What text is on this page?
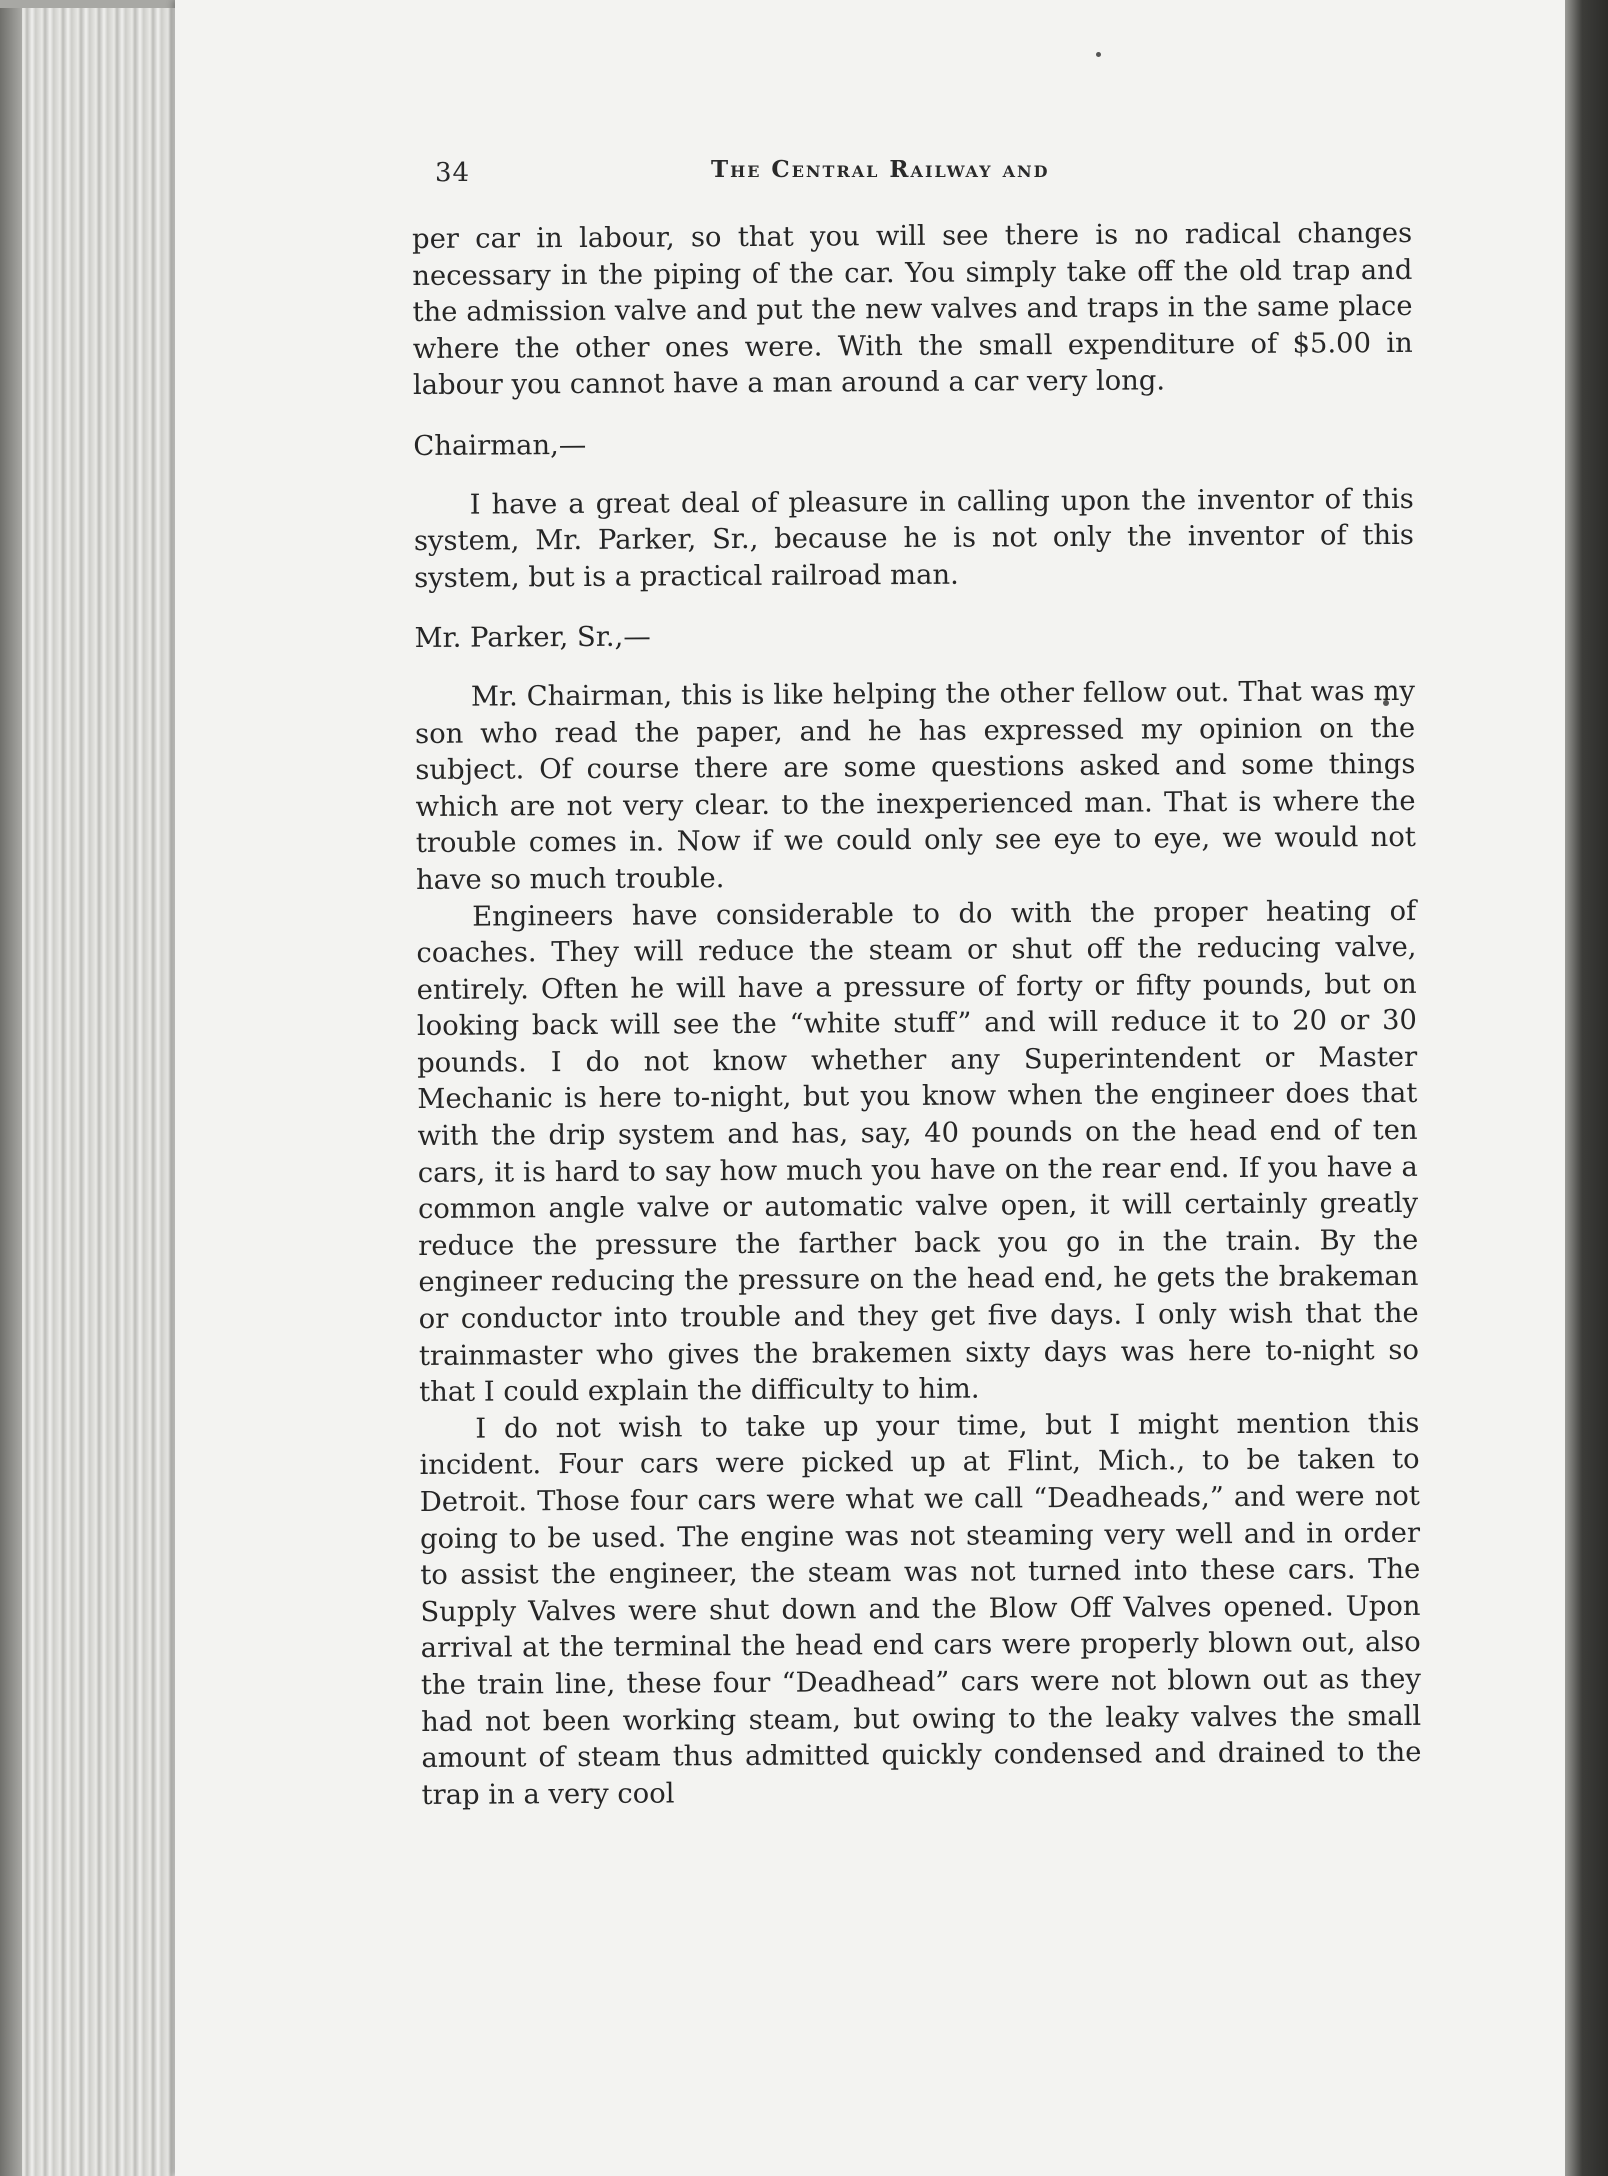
34	The Central Railway and

per car in labour, so that you will see there is no radical changes necessary in the piping of the car. You simply take off the old trap and the admission valve and put the new valves and traps in the same place where the other ones were. With the small expenditure of $5.00 in labour you cannot have a man around a car very long.

Chairman,—

I have a great deal of pleasure in calling upon the inventor of this system, Mr. Parker, Sr., because he is not only the inventor of this system, but is a practical railroad man.

Mr. Parker, Sr.,—

Mr. Chairman, this is like helping the other fellow out. That was my son who read the paper, and he has expressed my opinion on the subject. Of course there are some questions asked and some things which are not very clear. to the inexperienced man. That is where the trouble comes in. Now if we could only see eye to eye, we would not have so much trouble.

Engineers have considerable to do with the proper heating of coaches. They will reduce the steam or shut off the reducing valve, entirely. Often he will have a pressure of forty or fifty pounds, but on looking back will see the “white stuff” and will reduce it to 20 or 30 pounds. I do not know whether any Superintendent or Master Mechanic is here to-night, but you know when the engineer does that with the drip system and has, say, 40 pounds on the head end of ten cars, it is hard to say how much you have on the rear end. If you have a common angle valve or automatic valve open, it will certainly greatly reduce the pressure the farther back you go in the train. By the engineer reducing the pressure on the head end, he gets the brakeman or conductor into trouble and they get five days. I only wish that the trainmaster who gives the brakemen sixty days was here to-night so that I could explain the difficulty to him.

I do not wish to take up your time, but I might mention this incident. Four cars were picked up at Flint, Mich., to be taken to Detroit. Those four cars were what we call “Deadheads,” and were not going to be used. The engine was not steaming very well and in order to assist the engineer, the steam was not turned into these cars. The Supply Valves were shut down and the Blow Off Valves opened. Upon arrival at the terminal the head end cars were properly blown out, also the train line, these four “Deadhead” cars were not blown out as they had not been working steam, but owing to the leaky valves the small amount of steam thus admitted quickly condensed and drained to the trap in a very cool
